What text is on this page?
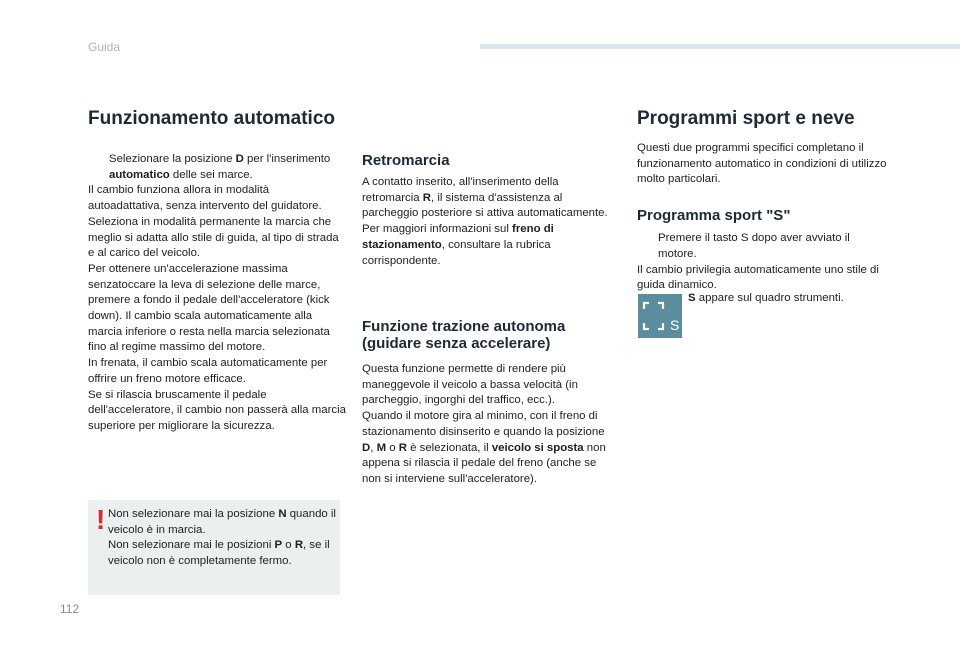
Guida
Funzionamento automatico
Selezionare la posizione D per l'inserimento automatico delle sei marce.

Il cambio funziona allora in modalità autoadattativa, senza intervento del guidatore.

Seleziona in modalità permanente la marcia che meglio si adatta allo stile di guida, al tipo di strada e al carico del veicolo.

Per ottenere un'accelerazione massima senzatoccare la leva di selezione delle marce, premere a fondo il pedale dell'acceleratore (kick down). Il cambio scala automaticamente alla marcia inferiore o resta nella marcia selezionata fino al regime massimo del motore.

In frenata, il cambio scala automaticamente per offrire un freno motore efficace.

Se si rilascia bruscamente il pedale dell'acceleratore, il cambio non passerà alla marcia superiore per migliorare la sicurezza.

! Non selezionare mai la posizione N quando il veicolo è in marcia.

Non selezionare mai le posizioni P o R, se il veicolo non è completamente fermo.

Retromarcia

A contatto inserito, all'inserimento della retromarcia R, il sistema d'assistenza al parcheggio posteriore si attiva automaticamente.

Per maggiori informazioni sul freno di stazionamento, consultare la rubrica corrispondente.

Funzione trazione autonoma (guidare senza accelerare)

Questa funzione permette di rendere più maneggevole il veicolo a bassa velocità (in parcheggio, ingorghi del traffico, ecc.).

Quando il motore gira al minimo, con il freno di stazionamento disinserito e quando la posizione D, M o R è selezionata, il veicolo si sposta non appena si rilascia il pedale del freno (anche se non si interviene sull'acceleratore).

Programmi sport e neve

Questi due programmi specifici completano il funzionamento automatico in condizioni di utilizzo molto particolari.

Programma sport "S"
Premere il tasto S dopo aver avviato il motore.

Il cambio privilegia automaticamente uno stile di guida dinamico.

S
S appare sul quadro strumenti.
112
